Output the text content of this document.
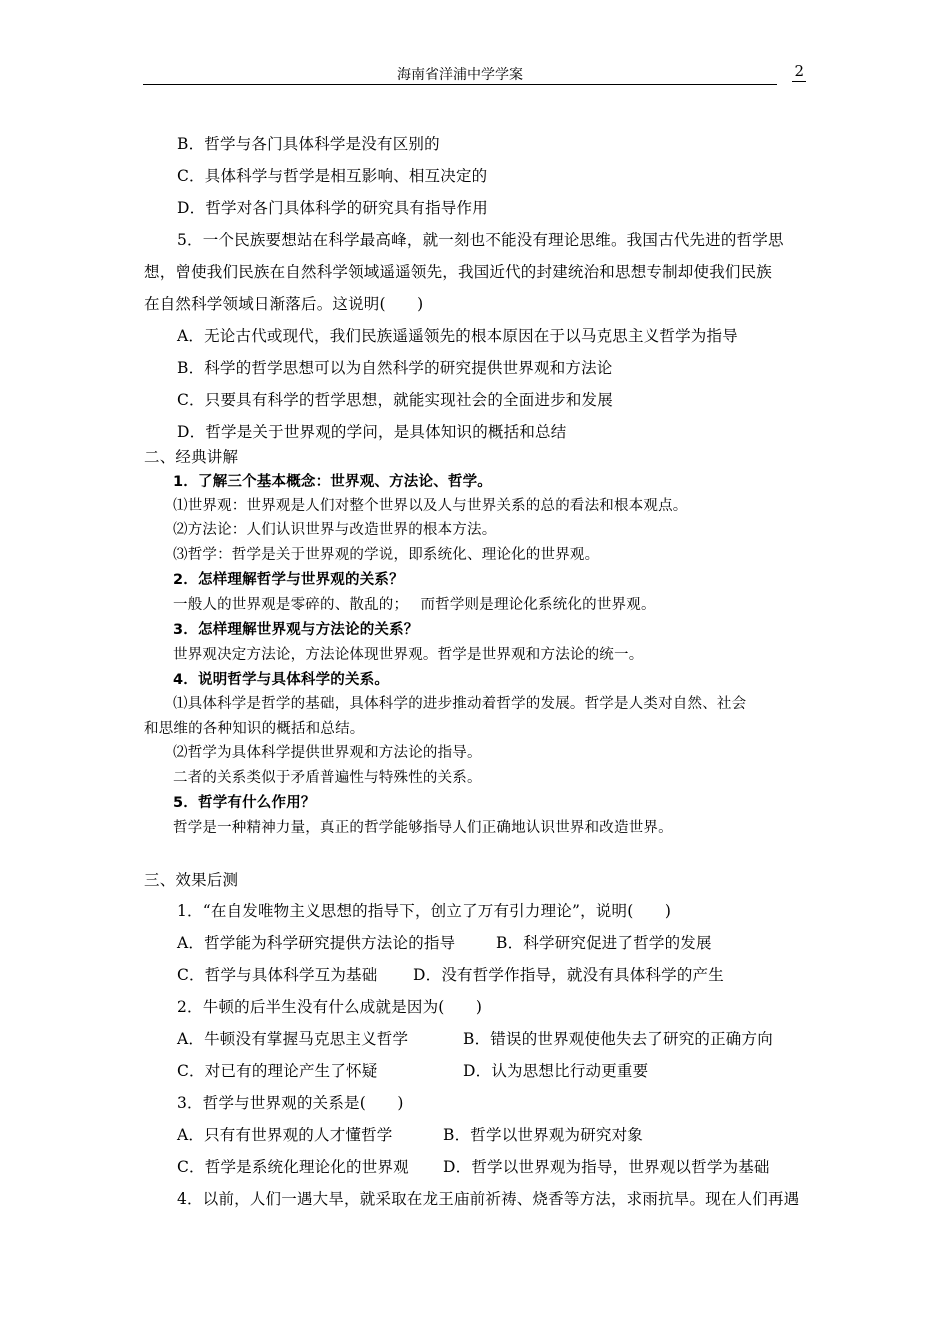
海南省洋浦中学学案	2
B．哲学与各门具体科学是没有区别的
C．具体科学与哲学是相互影响、相互决定的
D．哲学对各门具体科学的研究具有指导作用
5．一个民族要想站在科学最高峰，就一刻也不能没有理论思维。我国古代先进的哲学思
想，曾使我们民族在自然科学领域遥遥领先，我国近代的封建统治和思想专制却使我们民族
在自然科学领域日渐落后。这说明(　　)
A．无论古代或现代，我们民族遥遥领先的根本原因在于以马克思主义哲学为指导
B．科学的哲学思想可以为自然科学的研究提供世界观和方法论
C．只要具有科学的哲学思想，就能实现社会的全面进步和发展
D．哲学是关于世界观的学问，是具体知识的概括和总结
二、经典讲解
1．了解三个基本概念：世界观、方法论、哲学。
⑴世界观：世界观是人们对整个世界以及人与世界关系的总的看法和根本观点。
⑵方法论：人们认识世界与改造世界的根本方法。
⑶哲学：哲学是关于世界观的学说，即系统化、理论化的世界观。
2．怎样理解哲学与世界观的关系？
一般人的世界观是零碎的、散乱的；　 而哲学则是理论化系统化的世界观。
3．怎样理解世界观与方法论的关系？
世界观决定方法论，方法论体现世界观。哲学是世界观和方法论的统一。
4．说明哲学与具体科学的关系。
⑴具体科学是哲学的基础，具体科学的进步推动着哲学的发展。哲学是人类对自然、社会
和思维的各种知识的概括和总结。
⑵哲学为具体科学提供世界观和方法论的指导。
二者的关系类似于矛盾普遍性与特殊性的关系。
5．哲学有什么作用？
哲学是一种精神力量，真正的哲学能够指导人们正确地认识世界和改造世界。
三、效果后测
1．“在自发唯物主义思想的指导下，创立了万有引力理论”，说明(　　)
A．哲学能为科学研究提供方法论的指导	B．科学研究促进了哲学的发展
C．哲学与具体科学互为基础 D．没有哲学作指导，就没有具体科学的产生
2．牛顿的后半生没有什么成就是因为(　　)
A．牛顿没有掌握马克思主义哲学	B．错误的世界观使他失去了研究的正确方向
C．对已有的理论产生了怀疑	D．认为思想比行动更重要
3．哲学与世界观的关系是(　　)
A．只有有世界观的人才懂哲学	B．哲学以世界观为研究对象
C．哲学是系统化理论化的世界观 D．哲学以世界观为指导，世界观以哲学为基础
4．以前，人们一遇大旱，就采取在龙王庙前祈祷、烧香等方法，求雨抗旱。现在人们再遇
